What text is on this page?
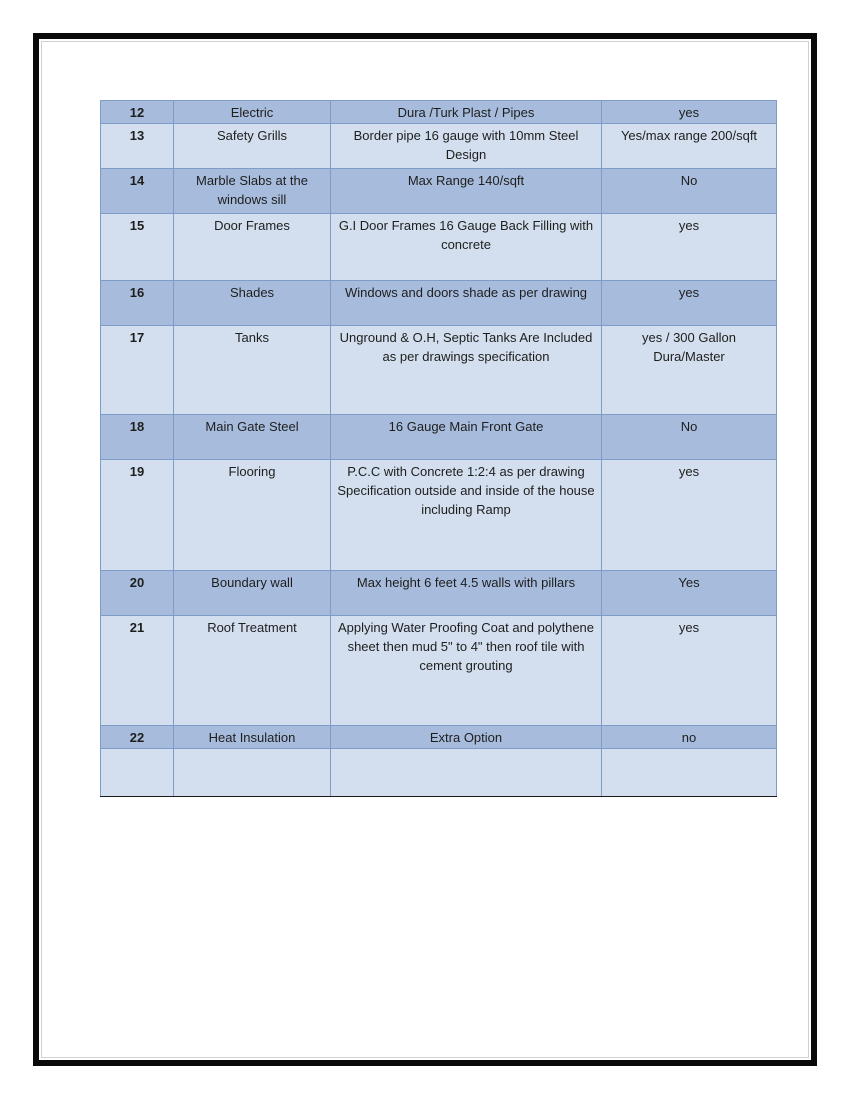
12	Electric	Dura /Turk Plast / Pipes	yes
13	Safety Grills	Border pipe 16 gauge with 10mm Steel Design	Yes/max range 200/sqft
14	Marble Slabs at the windows sill	Max Range 140/sqft	No
15	Door Frames	G.I Door Frames 16 Gauge Back Filling with concrete	yes
16	Shades	Windows and doors shade as per drawing	yes
17	Tanks	Unground & O.H, Septic Tanks Are Included as per drawings specification	yes / 300 Gallon Dura/Master
18	Main Gate Steel	16 Gauge Main Front Gate	No
19	Flooring	P.C.C with Concrete 1:2:4 as per drawing Specification outside and inside of the house including Ramp	yes
20	Boundary wall	Max height 6 feet 4.5 walls with pillars	Yes
21	Roof Treatment	Applying Water Proofing Coat and polythene sheet then mud 5" to 4" then roof tile with cement grouting	yes
22	Heat Insulation	Extra Option	no
